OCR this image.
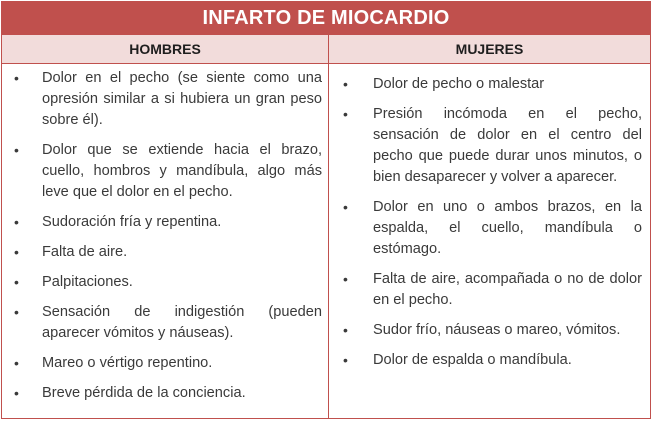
INFARTO DE MIOCARDIO
HOMBRES	MUJERES
• Dolor en el pecho (se siente como una opresión similar a si hubiera un gran peso sobre él).
• Dolor que se extiende hacia el brazo, cuello, hombros y mandíbula, algo más leve que el dolor en el pecho.
• Sudoración fría y repentina.
• Falta de aire.
• Palpitaciones.
• Sensación de indigestión (pueden aparecer vómitos y náuseas).
• Mareo o vértigo repentino.
• Breve pérdida de la conciencia.
• Dolor de pecho o malestar
• Presión incómoda en el pecho, sensación de dolor en el centro del pecho que puede durar unos minutos, o bien desaparecer y volver a aparecer.
• Dolor en uno o ambos brazos, en la espalda, el cuello, mandíbula o estómago.
• Falta de aire, acompañada o no de dolor en el pecho.
• Sudor frío, náuseas o mareo, vómitos.
• Dolor de espalda o mandíbula.
